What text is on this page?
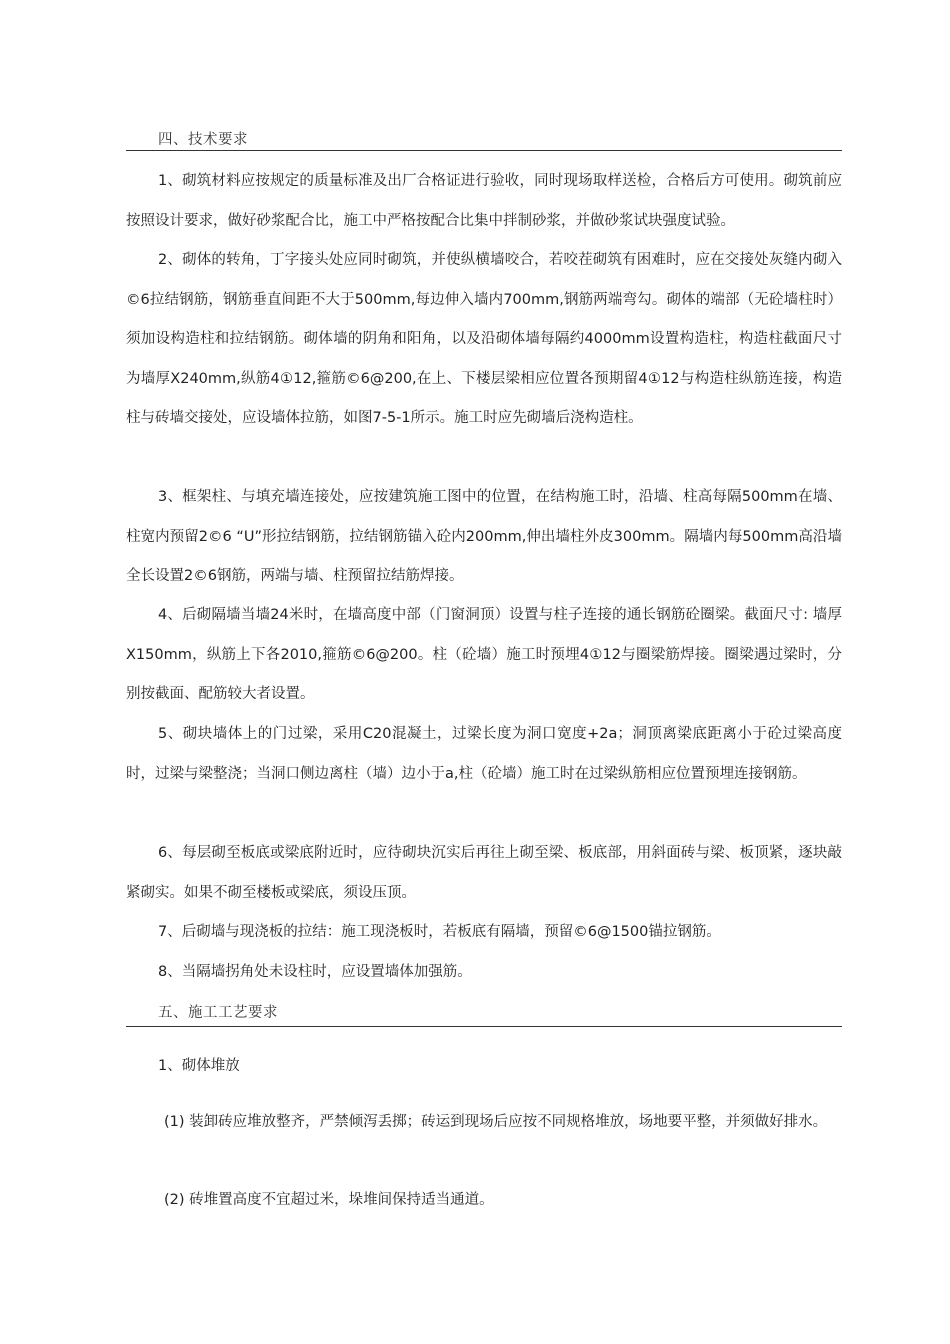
四、技术要求
1、砌筑材料应按规定的质量标准及出厂合格证进行验收，同时现场取样送检，合格后方可使用。砌筑前应按照设计要求，做好砂浆配合比，施工中严格按配合比集中拌制砂浆，并做砂浆试块强度试验。
2、砌体的转角，丁字接头处应同时砌筑，并使纵横墙咬合，若咬茬砌筑有困难时，应在交接处灰缝内砌入©6拉结钢筋，钢筋垂直间距不大于500mm,每边伸入墙内700mm,钢筋两端弯勾。砌体的端部（无砼墙柱时）须加设构造柱和拉结钢筋。砌体墙的阴角和阳角，以及沿砌体墙每隔约4000mm设置构造柱，构造柱截面尺寸为墙厚X240mm,纵筋4①12,箍筋©6@200,在上、下楼层梁相应位置各预期留4①12与构造柱纵筋连接，构造柱与砖墙交接处，应设墙体拉筋，如图7-5-1所示。施工时应先砌墙后浇构造柱。
3、框架柱、与填充墙连接处，应按建筑施工图中的位置，在结构施工时，沿墙、柱高每隔500mm在墙、柱宽内预留2©6 “U”形拉结钢筋，拉结钢筋锚入砼内200mm,伸出墙柱外皮300mm。隔墙内每500mm高沿墙全长设置2©6钢筋，两端与墙、柱预留拉结筋焊接。
4、后砌隔墙当墙24米时，在墙高度中部（门窗洞顶）设置与柱子连接的通长钢筋砼圈梁。截面尺寸: 墙厚X150mm，纵筋上下各2010,箍筋©6@200。柱（砼墙）施工时预埋4①12与圈梁筋焊接。圈梁遇过梁时，分别按截面、配筋较大者设置。
5、砌块墙体上的门过梁，采用C20混凝土，过梁长度为洞口宽度+2a；洞顶离梁底距离小于砼过梁高度时，过梁与梁整浇；当洞口侧边离柱（墙）边小于a,柱（砼墙）施工时在过梁纵筋相应位置预埋连接钢筋。
6、每层砌至板底或梁底附近时，应待砌块沉实后再往上砌至梁、板底部，用斜面砖与梁、板顶紧，逐块敲紧砌实。如果不砌至楼板或梁底，须设压顶。
7、后砌墙与现浇板的拉结：施工现浇板时，若板底有隔墙，预留©6@1500锚拉钢筋。
8、当隔墙拐角处未设柱时，应设置墙体加强筋。
五、施工工艺要求
1、砌体堆放
(1) 装卸砖应堆放整齐，严禁倾泻丢掷；砖运到现场后应按不同规格堆放，场地要平整，并须做好排水。
(2) 砖堆置高度不宜超过米，垛堆间保持适当通道。
